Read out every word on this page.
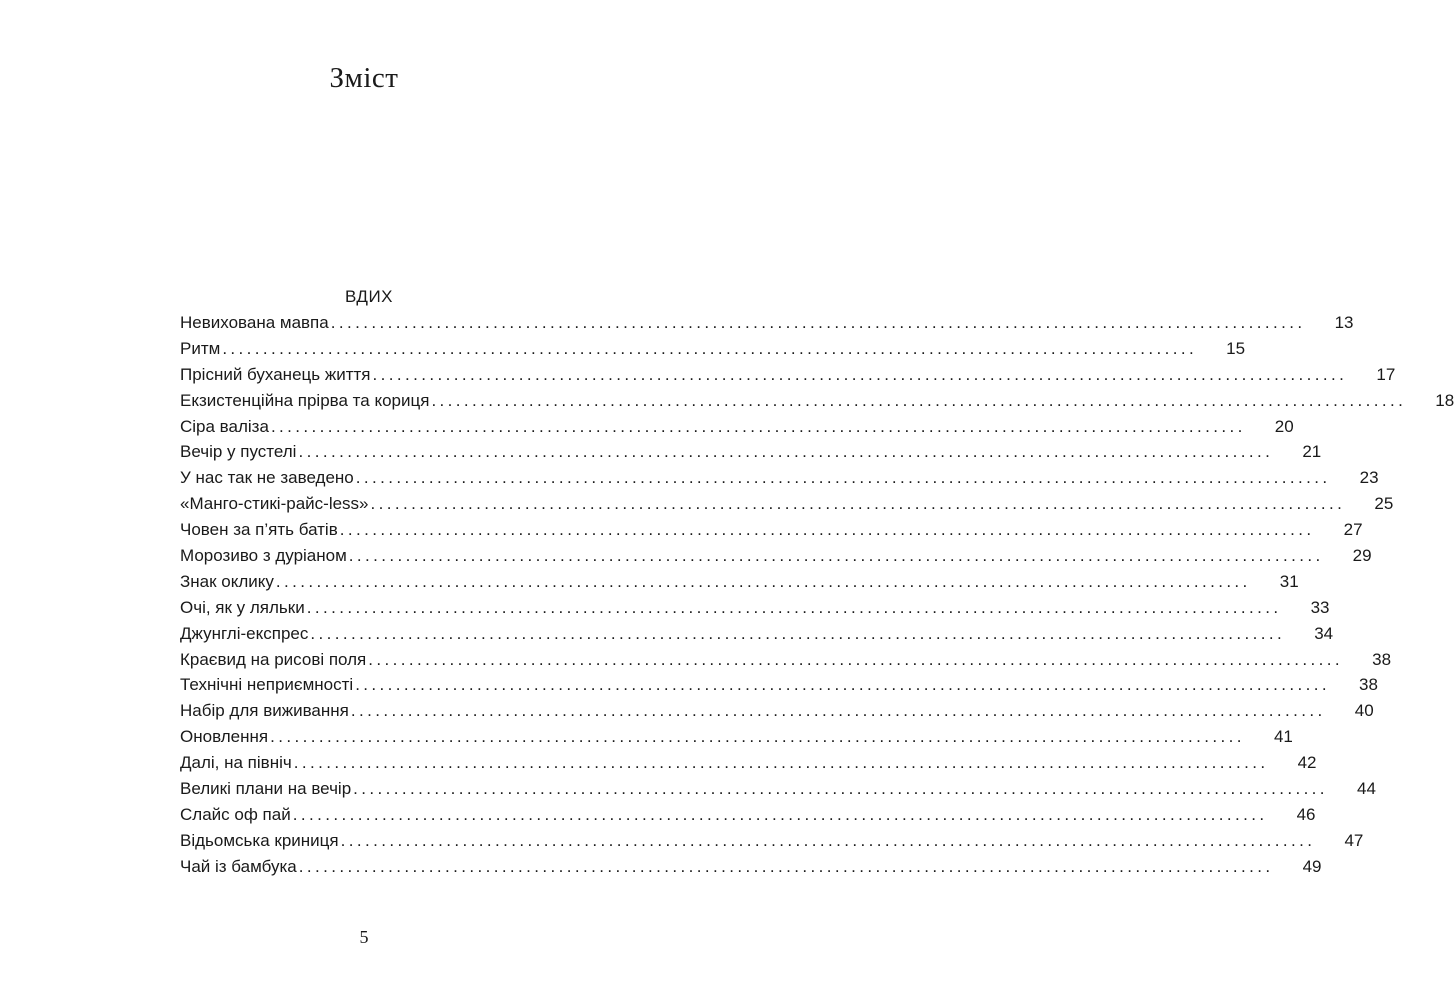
Зміст
ВДИХ
Невихована мавпа ........................................................................................................................	13
Ритм ........................................................................................................................	15
Прісний буханець життя ........................................................................................................................	17
Екзистенційна прірва та кориця ........................................................................................................................	18
Сіра валіза ........................................................................................................................	20
Вечір у пустелі ........................................................................................................................	21
У нас так не заведено ........................................................................................................................	23
«Манго-стикі-райс-less» ........................................................................................................................	25
Човен за п’ять батів ........................................................................................................................	27
Морозиво з дуріаном ........................................................................................................................	29
Знак оклику ........................................................................................................................	31
Очі, як у ляльки ........................................................................................................................	33
Джунглі-експрес ........................................................................................................................	34
Краєвид на рисові поля ........................................................................................................................	38
Технічні неприємності ........................................................................................................................	38
Набір для виживання ........................................................................................................................	40
Оновлення ........................................................................................................................	41
Далі, на північ ........................................................................................................................	42
Великі плани на вечір ........................................................................................................................	44
Слайс оф пай ........................................................................................................................	46
Відьомська криниця ........................................................................................................................	47
Чай із бамбука ........................................................................................................................	49
5
